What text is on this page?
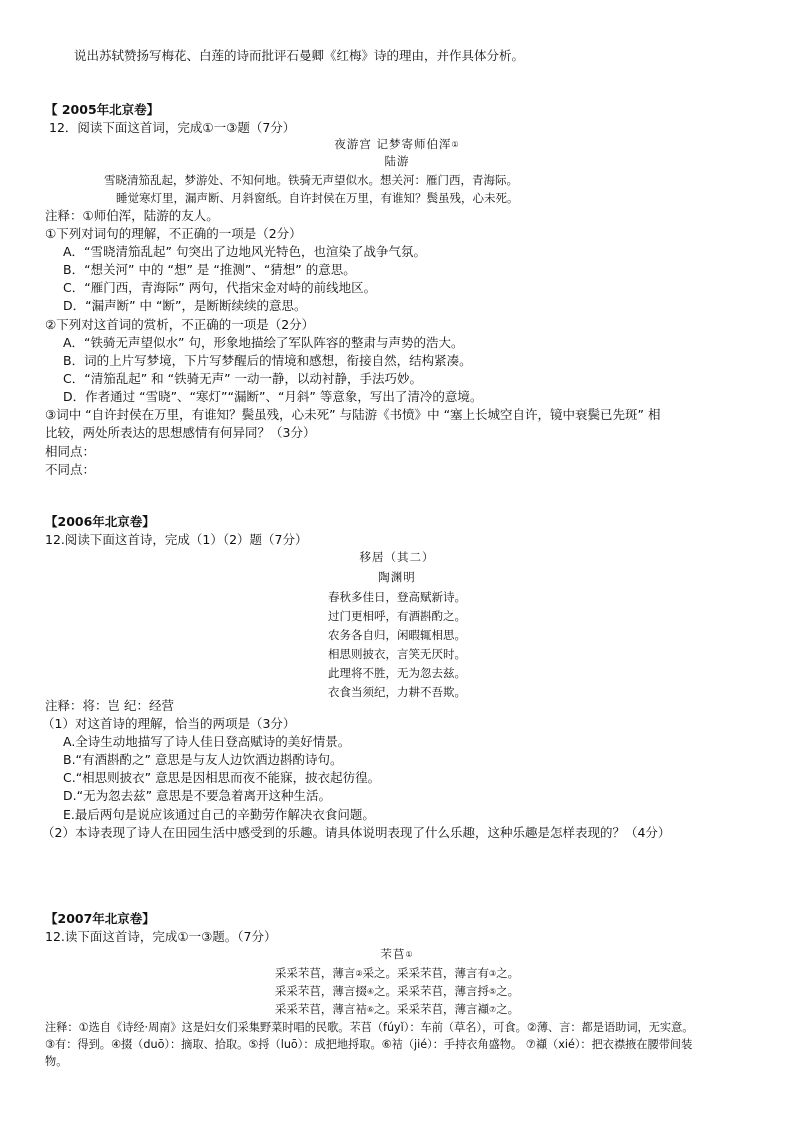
说出苏轼赞扬写梅花、白莲的诗而批评石曼卿《红梅》诗的理由，并作具体分析。
【 2005年北京卷】
12．阅读下面这首词，完成①一③题（7分）
夜游宫 记梦寄师伯浑①
陆游
雪晓清笳乱起，梦游处、不知何地。铁骑无声望似水。想关河：雁门西，青海际。
睡觉寒灯里，漏声断、月斜窗纸。自许封侯在万里，有谁知？鬓虽残，心未死。
注释：①师伯浑，陆游的友人。
①下列对词句的理解，不正确的一项是（2分）
A．“雪晓清笳乱起” 句突出了边地风光特色，也渲染了战争气氛。
B．“想关河” 中的 “想” 是 “推测”、“猜想” 的意思。
C．“雁门西，青海际” 两句，代指宋金对峙的前线地区。
D．“漏声断” 中 “断”，是断断续续的意思。
②下列对这首词的赏析，不正确的一项是（2分）
A．“铁骑无声望似水” 句，形象地描绘了军队阵容的整肃与声势的浩大。
B．词的上片写梦境，下片写梦醒后的情境和感想，衔接自然，结构紧凑。
C．“清笳乱起” 和 “铁骑无声” 一动一静，以动衬静，手法巧妙。
D．作者通过 “雪晓”、“寒灯”“漏断”、“月斜” 等意象，写出了清冷的意境。
③词中 “自许封侯在万里，有谁知？鬓虽残，心未死” 与陆游《书愤》中 “塞上长城空自许，镜中衰鬓已先斑” 相
比较，两处所表达的思想感情有何异同？（3分）
相同点：
不同点：
【2006年北京卷】
12.阅读下面这首诗，完成（1）（2）题（7分）
移居（其二）
陶渊明
春秋多佳日，登高赋新诗。
过门更相呼，有酒斟酌之。
农务各自归，闲暇辄相思。
相思则披衣，言笑无厌时。
此理将不胜，无为忽去兹。
衣食当须纪，力耕不吾欺。
注释：将：岂 纪：经营
（1）对这首诗的理解，恰当的两项是（3分）
A.全诗生动地描写了诗人佳日登高赋诗的美好情景。
B.“有酒斟酌之” 意思是与友人边饮酒边斟酌诗句。
C.“相思则披衣” 意思是因相思而夜不能寐，披衣起彷徨。
D.“无为忽去兹” 意思是不要急着离开这种生活。
E.最后两句是说应该通过自己的辛勤劳作解决衣食问题。
（2）本诗表现了诗人在田园生活中感受到的乐趣。请具体说明表现了什么乐趣，这种乐趣是怎样表现的？（4分）
【2007年北京卷】
12.读下面这首诗，完成①一③题。（7分）
芣苢①
采采芣苢，薄言②采之。采采芣苢，薄言有③之。
采采芣苢，薄言掇④之。采采芣苢，薄言捋⑤之。
采采芣苢，薄言袺⑥之。采采芣苢，薄言襭⑦之。
注释：①选自《诗经·周南》这是妇女们采集野菜时唱的民歌。芣苢（fúyǐ）：车前（草名），可食。②薄、言：都是语助词，无实意。
③有：得到。④掇（duō）：摘取、拾取。⑤捋（luō）：成把地捋取。⑥袺（jié）：手持衣角盛物。 ⑦襭（xié）：把衣襟掖在腰带间装
物。
